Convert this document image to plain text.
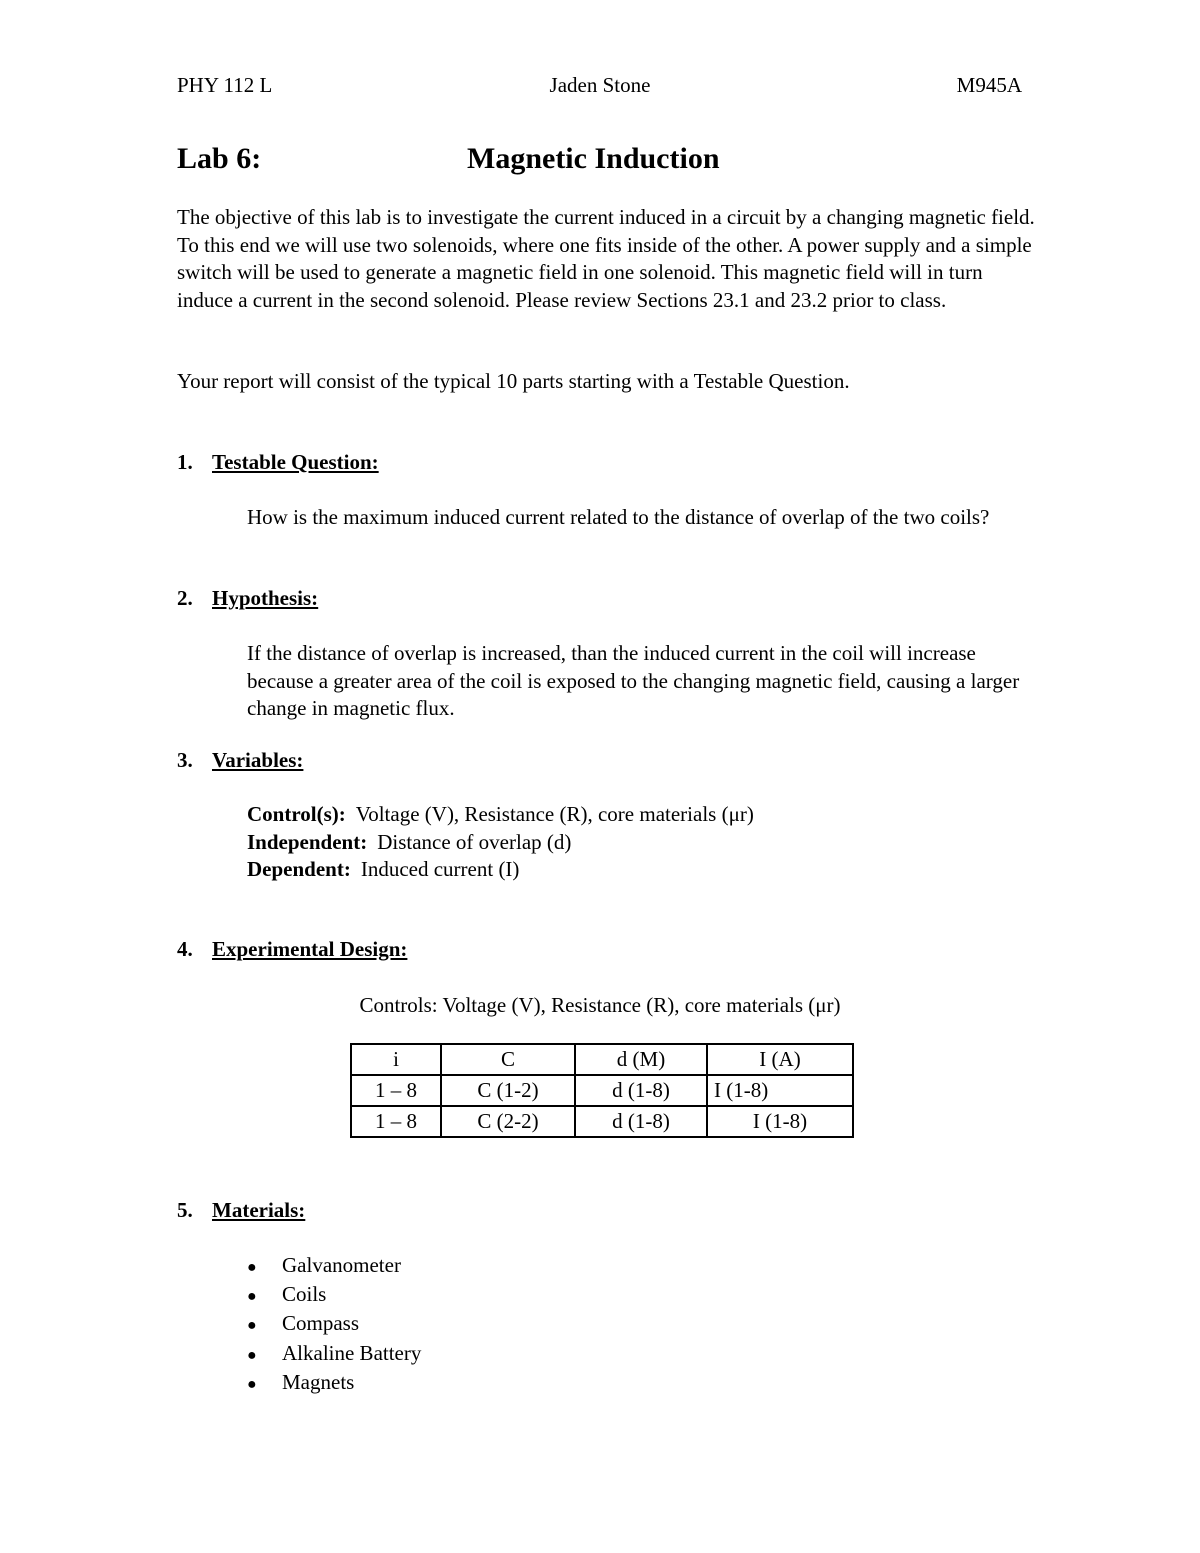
PHY 112 L	Jaden Stone	M945A

Lab 6:	Magnetic Induction

The objective of this lab is to investigate the current induced in a circuit by a changing magnetic field. To this end we will use two solenoids, where one fits inside of the other. A power supply and a simple switch will be used to generate a magnetic field in one solenoid. This magnetic field will in turn induce a current in the second solenoid. Please review Sections 23.1 and 23.2 prior to class.

Your report will consist of the typical 10 parts starting with a Testable Question.

1. Testable Question:

How is the maximum induced current related to the distance of overlap of the two coils?

2. Hypothesis:

If the distance of overlap is increased, than the induced current in the coil will increase because a greater area of the coil is exposed to the changing magnetic field, causing a larger change in magnetic flux.

3. Variables:
Control(s): Voltage (V), Resistance (R), core materials (μr)
Independent: Distance of overlap (d)
Dependent: Induced current (I)
4. Experimental Design:

Controls: Voltage (V), Resistance (R), core materials (μr)

i	C	d (M)	I (A)
1 – 8	C (1-2)	d (1-8)	I (1-8)
1 – 8	C (2-2)	d (1-8)	I (1-8)
5. Materials:
● Galvanometer
● Coils
● Compass
● Alkaline Battery
● Magnets
